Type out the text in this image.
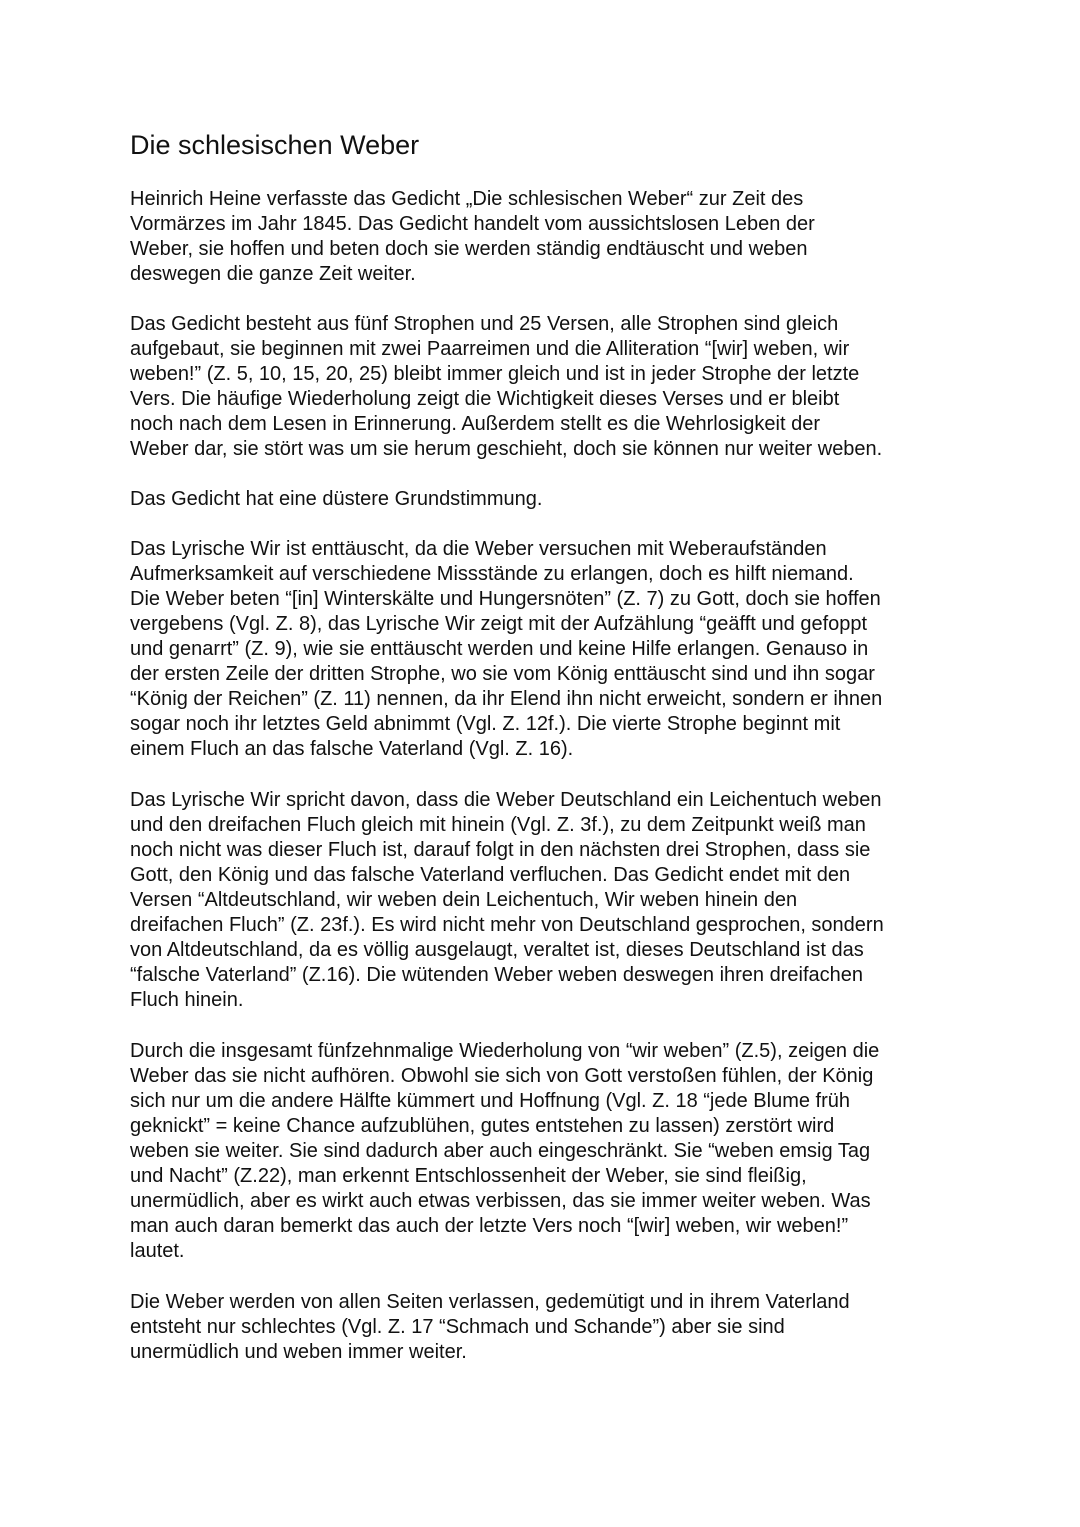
Die schlesischen Weber

Heinrich Heine verfasste das Gedicht „Die schlesischen Weber“ zur Zeit des
Vormärzes im Jahr 1845. Das Gedicht handelt vom aussichtslosen Leben der
Weber, sie hoffen und beten doch sie werden ständig endtäuscht und weben
deswegen die ganze Zeit weiter.

Das Gedicht besteht aus fünf Strophen und 25 Versen, alle Strophen sind gleich
aufgebaut, sie beginnen mit zwei Paarreimen und die Alliteration “[wir] weben, wir
weben!” (Z. 5, 10, 15, 20, 25) bleibt immer gleich und ist in jeder Strophe der letzte
Vers. Die häufige Wiederholung zeigt die Wichtigkeit dieses Verses und er bleibt
noch nach dem Lesen in Erinnerung. Außerdem stellt es die Wehrlosigkeit der
Weber dar, sie stört was um sie herum geschieht, doch sie können nur weiter weben.

Das Gedicht hat eine düstere Grundstimmung.

Das Lyrische Wir ist enttäuscht, da die Weber versuchen mit Weberaufständen
Aufmerksamkeit auf verschiedene Missstände zu erlangen, doch es hilft niemand.
Die Weber beten “[in] Winterskälte und Hungersnöten” (Z. 7) zu Gott, doch sie hoffen
vergebens (Vgl. Z. 8), das Lyrische Wir zeigt mit der Aufzählung “geäfft und gefoppt
und genarrt” (Z. 9), wie sie enttäuscht werden und keine Hilfe erlangen. Genauso in
der ersten Zeile der dritten Strophe, wo sie vom König enttäuscht sind und ihn sogar
“König der Reichen” (Z. 11) nennen, da ihr Elend ihn nicht erweicht, sondern er ihnen
sogar noch ihr letztes Geld abnimmt (Vgl. Z. 12f.). Die vierte Strophe beginnt mit
einem Fluch an das falsche Vaterland (Vgl. Z. 16).

Das Lyrische Wir spricht davon, dass die Weber Deutschland ein Leichentuch weben
und den dreifachen Fluch gleich mit hinein (Vgl. Z. 3f.), zu dem Zeitpunkt weiß man
noch nicht was dieser Fluch ist, darauf folgt in den nächsten drei Strophen, dass sie
Gott, den König und das falsche Vaterland verfluchen. Das Gedicht endet mit den
Versen “Altdeutschland, wir weben dein Leichentuch, Wir weben hinein den
dreifachen Fluch” (Z. 23f.). Es wird nicht mehr von Deutschland gesprochen, sondern
von Altdeutschland, da es völlig ausgelaugt, veraltet ist, dieses Deutschland ist das
“falsche Vaterland” (Z.16). Die wütenden Weber weben deswegen ihren dreifachen
Fluch hinein.

Durch die insgesamt fünfzehnmalige Wiederholung von “wir weben” (Z.5), zeigen die
Weber das sie nicht aufhören. Obwohl sie sich von Gott verstoßen fühlen, der König
sich nur um die andere Hälfte kümmert und Hoffnung (Vgl. Z. 18 “jede Blume früh
geknickt” = keine Chance aufzublühen, gutes entstehen zu lassen) zerstört wird
weben sie weiter. Sie sind dadurch aber auch eingeschränkt. Sie “weben emsig Tag
und Nacht” (Z.22), man erkennt Entschlossenheit der Weber, sie sind fleißig,
unermüdlich, aber es wirkt auch etwas verbissen, das sie immer weiter weben. Was
man auch daran bemerkt das auch der letzte Vers noch “[wir] weben, wir weben!”
lautet.

Die Weber werden von allen Seiten verlassen, gedemütigt und in ihrem Vaterland
entsteht nur schlechtes (Vgl. Z. 17 “Schmach und Schande”) aber sie sind
unermüdlich und weben immer weiter.
